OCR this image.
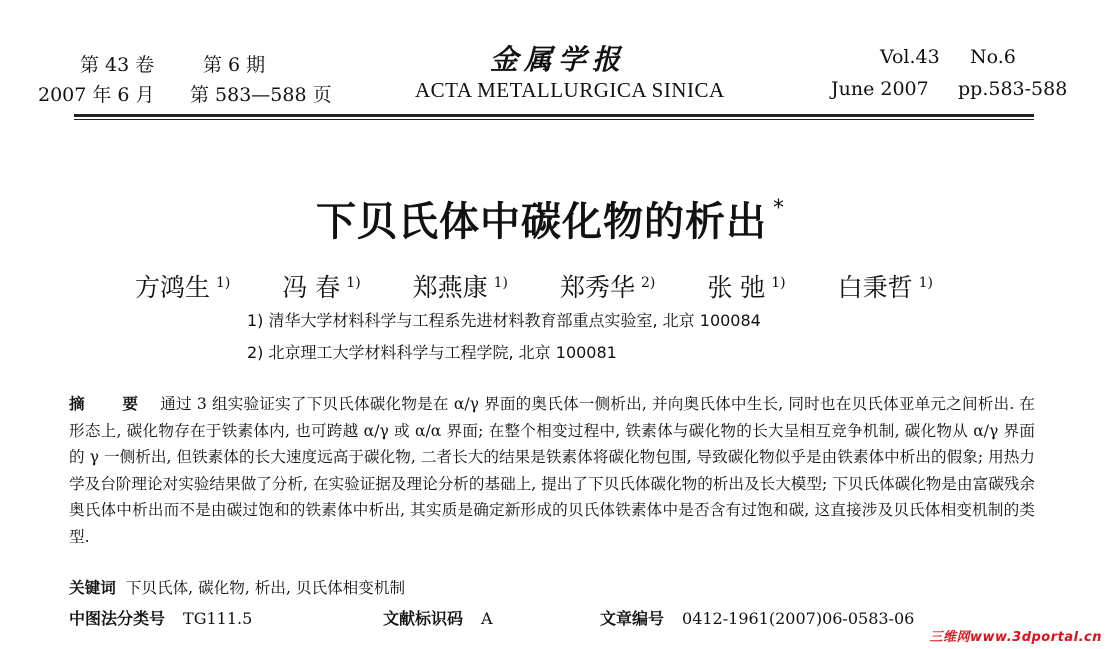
第 43 卷	第 6 期
2007 年 6 月 第 583—588 页
金属学报
ACTA METALLURGICA SINICA
Vol.43 No.6
June 2007 pp.583-588
下贝氏体中碳化物的析出 *
方鸿生 $^{1)}$ 冯 春 $^{1)}$ 郑燕康 $^{1)}$ 郑秀华 $^{2)}$ 张 弛 $^{1)}$ 白秉哲 $^{1)}$
1) 清华大学材料科学与工程系先进材料教育部重点实验室, 北京 100084
2) 北京理工大学材料科学与工程学院, 北京 100081
摘 要 通过 3 组实验证实了下贝氏体碳化物是在 α/γ 界面的奥氏体一侧析出, 并向奥氏体中生长, 同时也在贝氏体亚单元之间析出. 在形态上, 碳化物存在于铁素体内, 也可跨越 α/γ 或 α/α 界面; 在整个相变过程中, 铁素体与碳化物的长大呈相互竞争机制, 碳化物从 α/γ 界面的 γ 一侧析出, 但铁素体的长大速度远高于碳化物, 二者长大的结果是铁素体将碳化物包围, 导致碳化物似乎是由铁素体中析出的假象; 用热力学及台阶理论对实验结果做了分析, 在实验证据及理论分析的基础上, 提出了下贝氏体碳化物的析出及长大模型; 下贝氏体碳化物是由富碳残余奥氏体中析出而不是由碳过饱和的铁素体中析出, 其实质是确定新形成的贝氏体铁素体中是否含有过饱和碳, 这直接涉及贝氏体相变机制的类型.
关键词 下贝氏体, 碳化物, 析出, 贝氏体相变机制
中图法分类号 TG111.5	文献标识码 A	文章编号 0412-1961(2007)06-0583-06
三维网www.3dportal.cn
